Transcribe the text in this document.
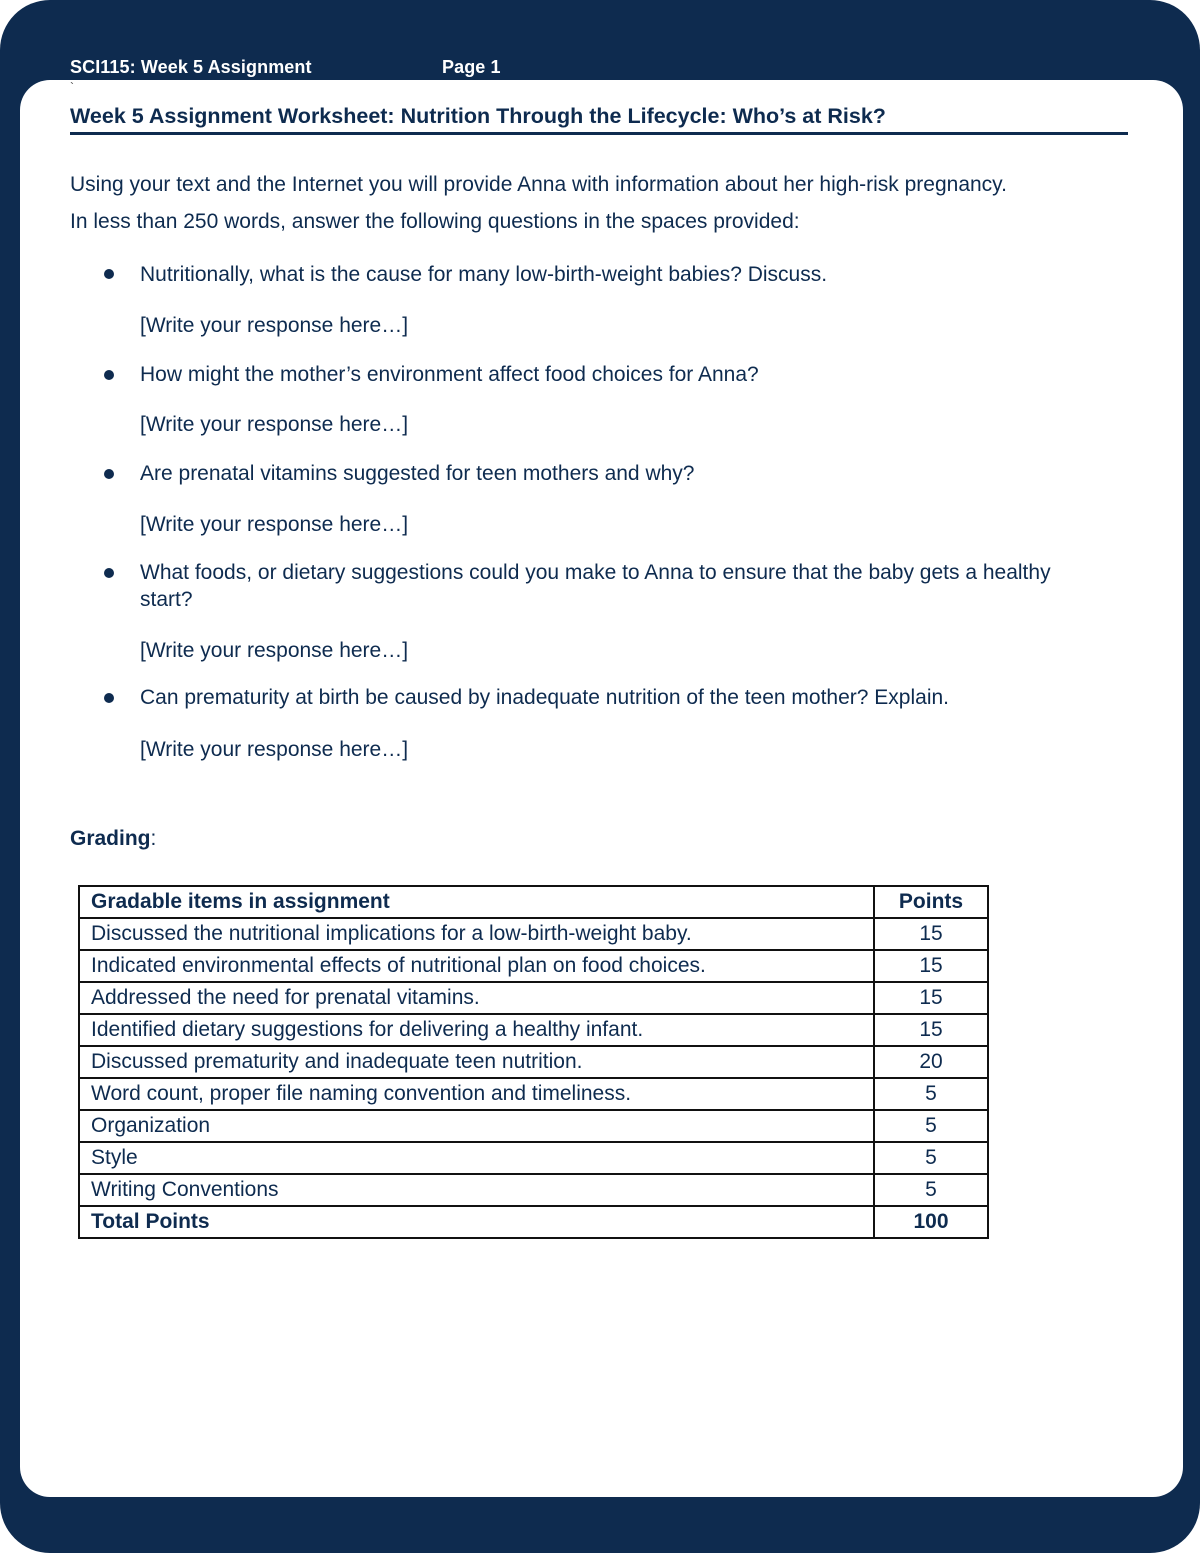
SCI115: Week 5 Assignment	Page 1
`
Week 5 Assignment Worksheet: Nutrition Through the Lifecycle: Who’s at Risk?
Using your text and the Internet you will provide Anna with information about her high-risk pregnancy.
In less than 250 words, answer the following questions in the spaces provided:
Nutritionally, what is the cause for many low-birth-weight babies? Discuss.
[Write your response here…]
How might the mother’s environment affect food choices for Anna?
[Write your response here…]
Are prenatal vitamins suggested for teen mothers and why?
[Write your response here…]
What foods, or dietary suggestions could you make to Anna to ensure that the baby gets a healthy start?
[Write your response here…]
Can prematurity at birth be caused by inadequate nutrition of the teen mother? Explain.
[Write your response here…]
Grading:
Gradable items in assignment	Points
Discussed the nutritional implications for a low-birth-weight baby.	15
Indicated environmental effects of nutritional plan on food choices.	15
Addressed the need for prenatal vitamins.	15
Identified dietary suggestions for delivering a healthy infant.	15
Discussed prematurity and inadequate teen nutrition.	20
Word count, proper file naming convention and timeliness.	5
Organization	5
Style	5
Writing Conventions	5
Total Points	100
